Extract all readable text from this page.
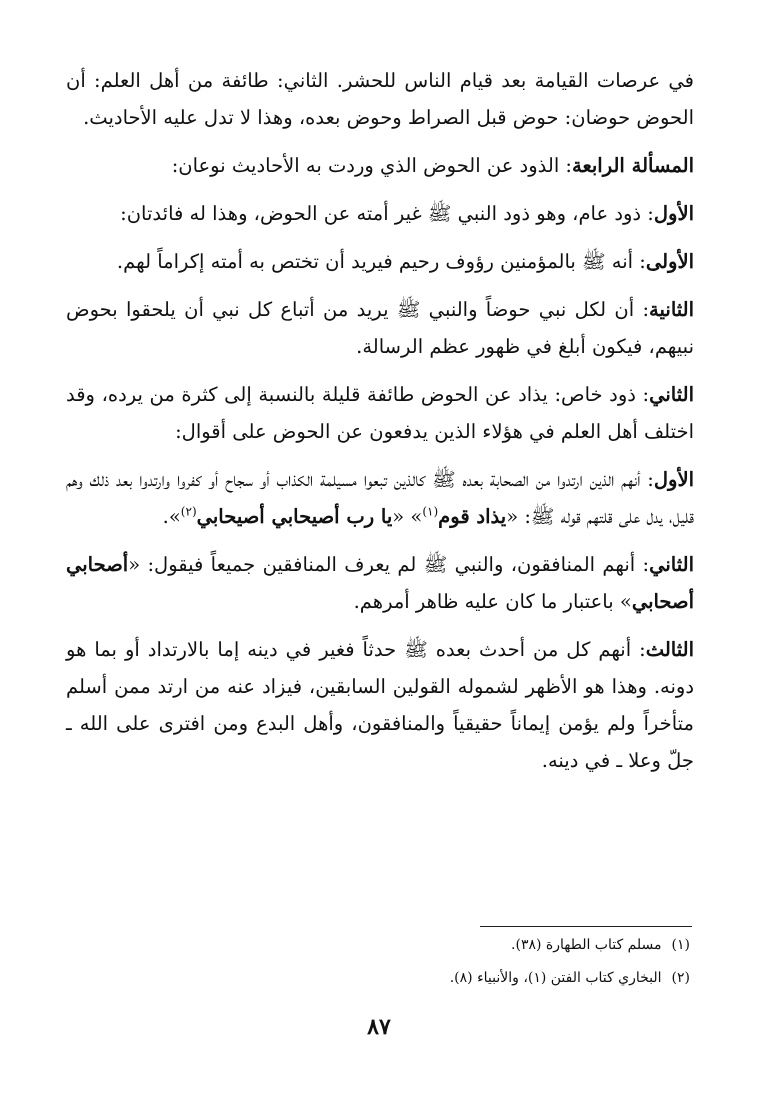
في عرصات القيامة بعد قيام الناس للحشر. الثاني: طائفة من أهل العلم: أن الحوض حوضان: حوض قبل الصراط وحوض بعده، وهذا لا تدل عليه الأحاديث.

المسألة الرابعة: الذود عن الحوض الذي وردت به الأحاديث نوعان:

الأول: ذود عام، وهو ذود النبي ﷺ غير أمته عن الحوض، وهذا له فائدتان:

الأولى: أنه ﷺ بالمؤمنين رؤوف رحيم فيريد أن تختص به أمته إكراماً لهم.

الثانية: أن لكل نبي حوضاً والنبي ﷺ يريد من أتباع كل نبي أن يلحقوا بحوض نبيهم، فيكون أبلغ في ظهور عظم الرسالة.

الثاني: ذود خاص: يذاد عن الحوض طائفة قليلة بالنسبة إلى كثرة من يرده، وقد اختلف أهل العلم في هؤلاء الذين يدفعون عن الحوض على أقوال:

الأول: أنهم الذين ارتدوا من الصحابة بعده ﷺ كالذين تبعوا مسيلمة الكذاب أو سجاح أو كفروا وارتدوا بعد ذلك وهم قليل، يدل على قلتهم قوله ﷺ: «يذاد قوم$^{(١)}$» «يا رب أصيحابي أصيحابي$^{(٢)}$».

الثاني: أنهم المنافقون، والنبي ﷺ لم يعرف المنافقين جميعاً فيقول: «أصحابي أصحابي» باعتبار ما كان عليه ظاهر أمرهم.

الثالث: أنهم كل من أحدث بعده ﷺ حدثاً فغير في دينه إما بالارتداد أو بما هو دونه. وهذا هو الأظهر لشموله القولين السابقين، فيزاد عنه من ارتد ممن أسلم متأخراً ولم يؤمن إيماناً حقيقياً والمنافقون، وأهل البدع ومن افترى على الله ـ جلّ وعلا ـ في دينه.

(١)مسلم كتاب الطهارة (٣٨).
(٢)البخاري كتاب الفتن (١)، والأنبياء (٨).
٨٧
